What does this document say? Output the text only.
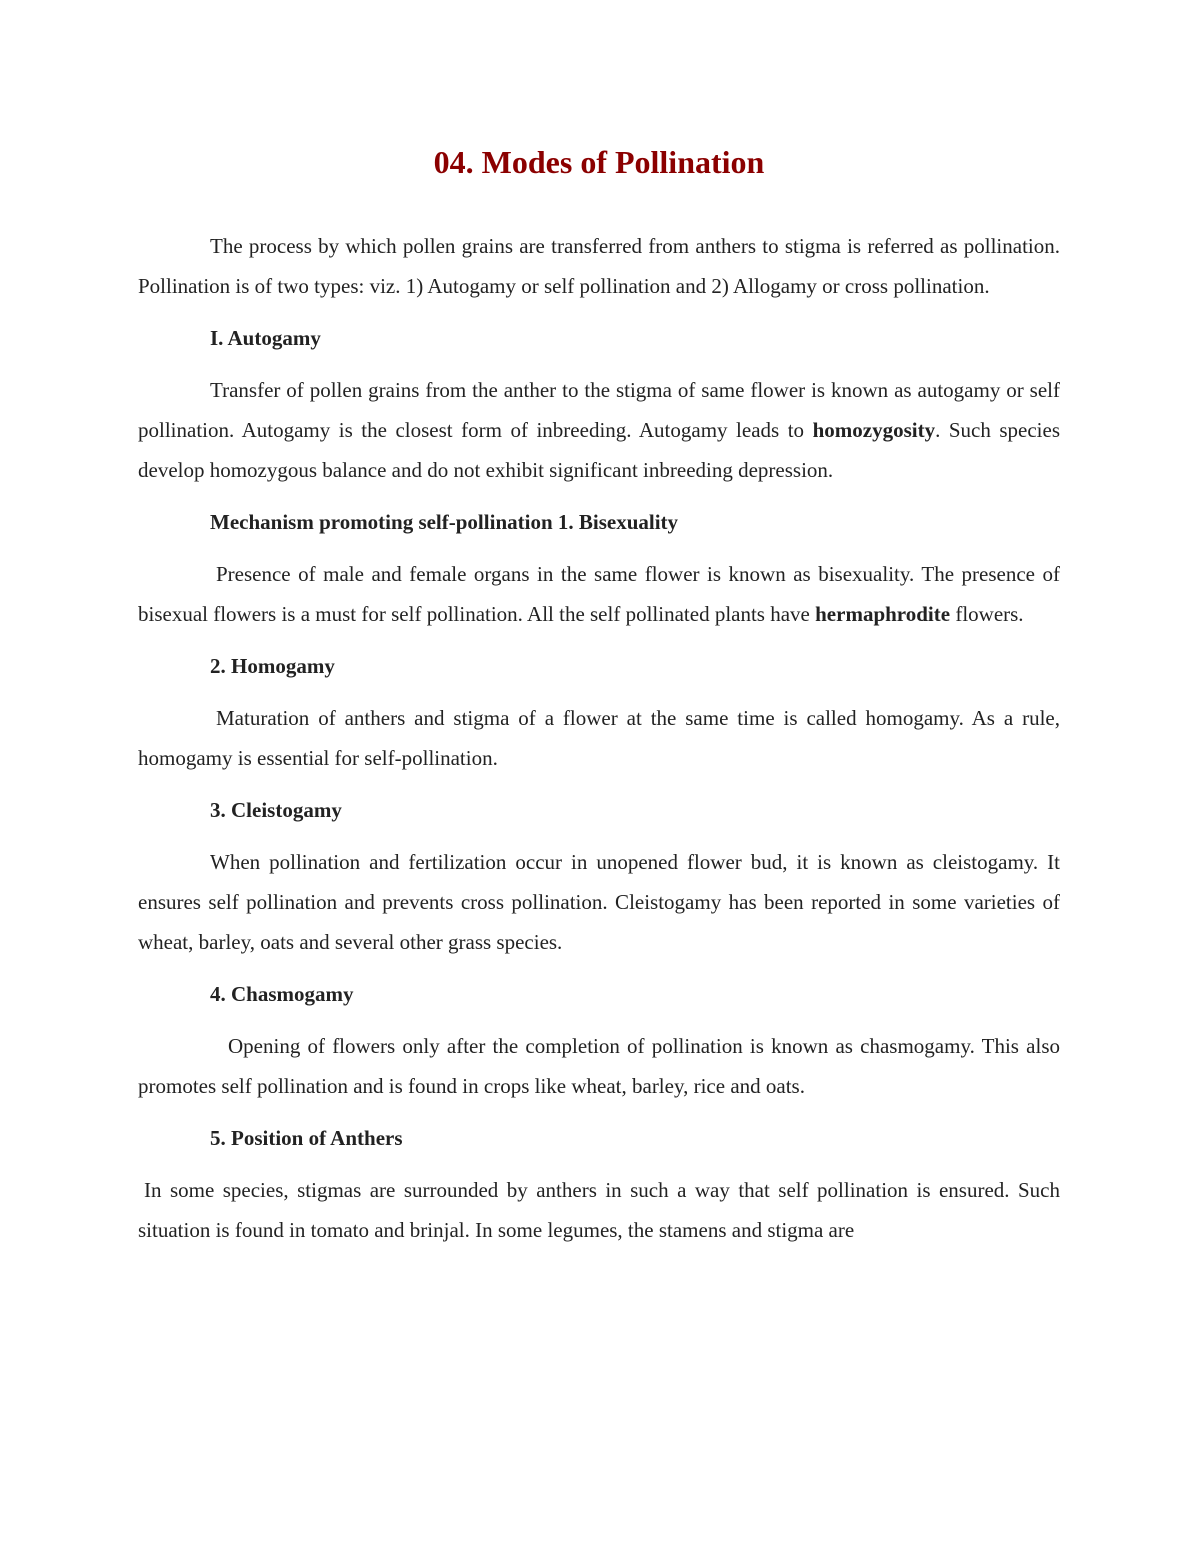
04. Modes of Pollination

The process by which pollen grains are transferred from anthers to stigma is referred as pollination. Pollination is of two types: viz. 1) Autogamy or self pollination and 2) Allogamy or cross pollination.

I. Autogamy

Transfer of pollen grains from the anther to the stigma of same flower is known as autogamy or self pollination. Autogamy is the closest form of inbreeding. Autogamy leads to homozygosity. Such species develop homozygous balance and do not exhibit significant inbreeding depression.

Mechanism promoting self-pollination 1. Bisexuality

Presence of male and female organs in the same flower is known as bisexuality. The presence of bisexual flowers is a must for self pollination. All the self pollinated plants have hermaphrodite flowers.

2. Homogamy

Maturation of anthers and stigma of a flower at the same time is called homogamy. As a rule, homogamy is essential for self-pollination.

3. Cleistogamy

When pollination and fertilization occur in unopened flower bud, it is known as cleistogamy. It ensures self pollination and prevents cross pollination. Cleistogamy has been reported in some varieties of wheat, barley, oats and several other grass species.

4. Chasmogamy

Opening of flowers only after the completion of pollination is known as chasmogamy. This also promotes self pollination and is found in crops like wheat, barley, rice and oats.

5. Position of Anthers

In some species, stigmas are surrounded by anthers in such a way that self pollination is ensured. Such situation is found in tomato and brinjal. In some legumes, the stamens and stigma are
